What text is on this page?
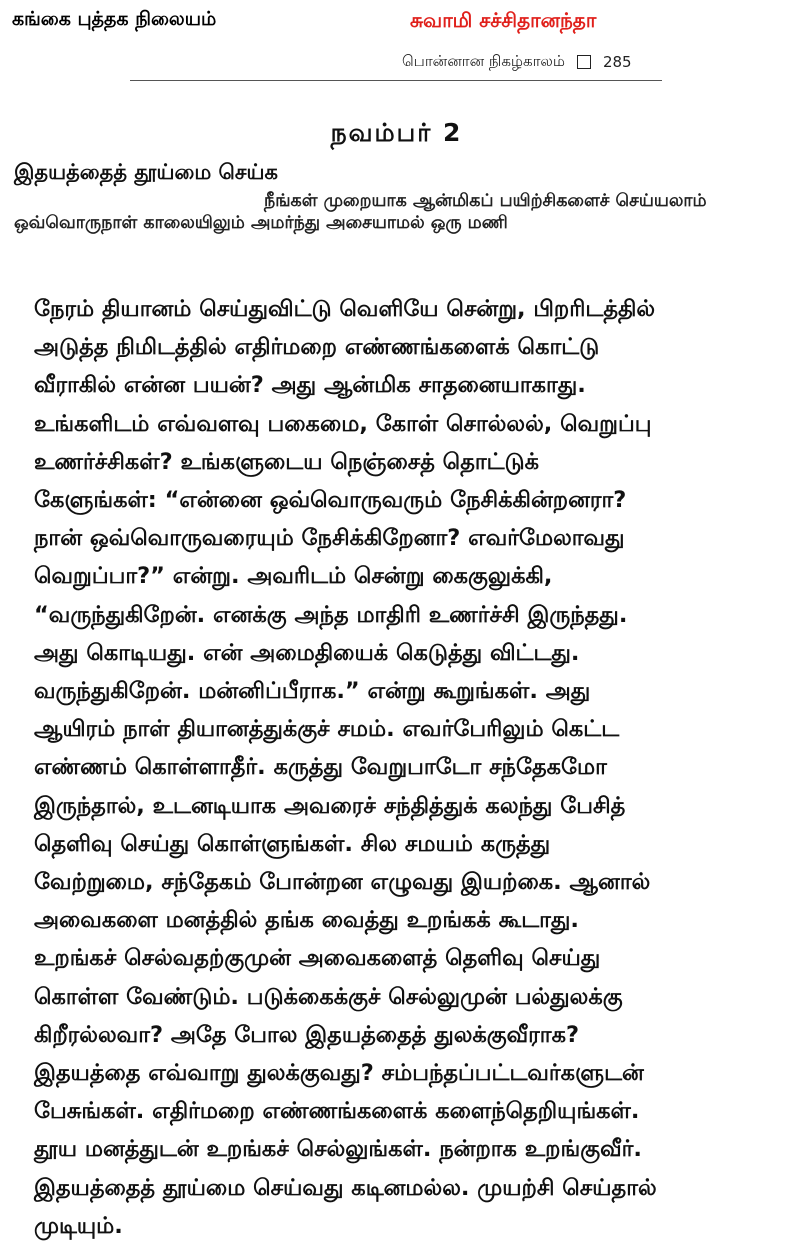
கங்கை புத்தக நிலையம்	சுவாமி சச்சிதானந்தா
பொன்னான நிகழ்காலம்	285
நவம்பர் 2
இதயத்தைத் தூய்மை செய்க
நீங்கள் முறையாக ஆன்மிகப் பயிற்சிகளைச் செய்யலாம்
ஒவ்வொருநாள் காலையிலும் அமர்ந்து அசையாமல் ஒரு மணி
நேரம் தியானம் செய்துவிட்டு வெளியே சென்று, பிறரிடத்தில்
அடுத்த நிமிடத்தில் எதிர்மறை எண்ணங்களைக் கொட்டு
வீராகில் என்ன பயன்? அது ஆன்மிக சாதனையாகாது.
உங்களிடம் எவ்வளவு பகைமை, கோள் சொல்லல், வெறுப்பு
உணர்ச்சிகள்? உங்களுடைய நெஞ்சைத் தொட்டுக்
கேளுங்கள்: “என்னை ஒவ்வொருவரும் நேசிக்கின்றனரா?
நான் ஒவ்வொருவரையும் நேசிக்கிறேனா? எவர்மேலாவது
வெறுப்பா?” என்று. அவரிடம் சென்று கைகுலுக்கி,
“வருந்துகிறேன். எனக்கு அந்த மாதிரி உணர்ச்சி இருந்தது.
அது கொடியது. என் அமைதியைக் கெடுத்து விட்டது.
வருந்துகிறேன். மன்னிப்பீராக.” என்று கூறுங்கள். அது
ஆயிரம் நாள் தியானத்துக்குச் சமம். எவர்பேரிலும் கெட்ட
எண்ணம் கொள்ளாதீர். கருத்து வேறுபாடோ சந்தேகமோ
இருந்தால், உடனடியாக அவரைச் சந்தித்துக் கலந்து பேசித்
தெளிவு செய்து கொள்ளுங்கள். சில சமயம் கருத்து
வேற்றுமை, சந்தேகம் போன்றன எழுவது இயற்கை. ஆனால்
அவைகளை மனத்தில் தங்க வைத்து உறங்கக் கூடாது.
உறங்கச் செல்வதற்குமுன் அவைகளைத் தெளிவு செய்து
கொள்ள வேண்டும். படுக்கைக்குச் செல்லுமுன் பல்துலக்கு
கிறீரல்லவா? அதே போல இதயத்தைத் துலக்குவீராக?
இதயத்தை எவ்வாறு துலக்குவது? சம்பந்தப்பட்டவர்களுடன்
பேசுங்கள். எதிர்மறை எண்ணங்களைக் களைந்தெறியுங்கள்.
தூய மனத்துடன் உறங்கச் செல்லுங்கள். நன்றாக உறங்குவீர்.
இதயத்தைத் தூய்மை செய்வது கடினமல்ல. முயற்சி செய்தால்
முடியும்.
